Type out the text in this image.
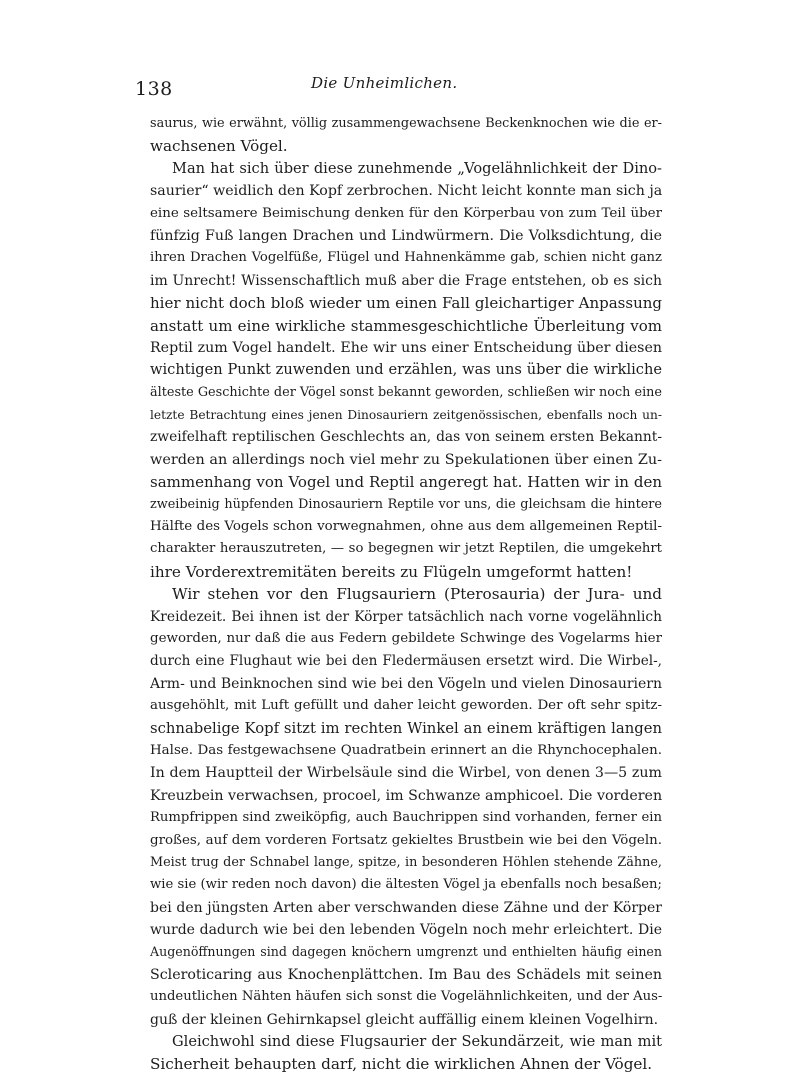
138	Die Unheimlichen.
saurus, wie erwähnt, völlig zusammengewachsene Beckenknochen wie die er-
wachsenen Vögel.
Man hat sich über diese zunehmende „Vogelähnlichkeit der Dino-
saurier“ weidlich den Kopf zerbrochen. Nicht leicht konnte man sich ja
eine seltsamere Beimischung denken für den Körperbau von zum Teil über
fünfzig Fuß langen Drachen und Lindwürmern. Die Volksdichtung, die
ihren Drachen Vogelfüße, Flügel und Hahnenkämme gab, schien nicht ganz
im Unrecht! Wissenschaftlich muß aber die Frage entstehen, ob es sich
hier nicht doch bloß wieder um einen Fall gleichartiger Anpassung
anstatt um eine wirkliche stammesgeschichtliche Überleitung vom
Reptil zum Vogel handelt. Ehe wir uns einer Entscheidung über diesen
wichtigen Punkt zuwenden und erzählen, was uns über die wirkliche
älteste Geschichte der Vögel sonst bekannt geworden, schließen wir noch eine
letzte Betrachtung eines jenen Dinosauriern zeitgenössischen, ebenfalls noch un-
zweifelhaft reptilischen Geschlechts an, das von seinem ersten Bekannt-
werden an allerdings noch viel mehr zu Spekulationen über einen Zu-
sammenhang von Vogel und Reptil angeregt hat. Hatten wir in den
zweibeinig hüpfenden Dinosauriern Reptile vor uns, die gleichsam die hintere
Hälfte des Vogels schon vorwegnahmen, ohne aus dem allgemeinen Reptil-
charakter herauszutreten, — so begegnen wir jetzt Reptilen, die umgekehrt
ihre Vorderextremitäten bereits zu Flügeln umgeformt hatten!
Wir stehen vor den Flugsauriern (Pterosauria) der Jura- und
Kreidezeit. Bei ihnen ist der Körper tatsächlich nach vorne vogelähnlich
geworden, nur daß die aus Federn gebildete Schwinge des Vogelarms hier
durch eine Flughaut wie bei den Fledermäusen ersetzt wird. Die Wirbel-,
Arm- und Beinknochen sind wie bei den Vögeln und vielen Dinosauriern
ausgehöhlt, mit Luft gefüllt und daher leicht geworden. Der oft sehr spitz-
schnabelige Kopf sitzt im rechten Winkel an einem kräftigen langen
Halse. Das festgewachsene Quadratbein erinnert an die Rhynchocephalen.
In dem Hauptteil der Wirbelsäule sind die Wirbel, von denen 3—5 zum
Kreuzbein verwachsen, procoel, im Schwanze amphicoel. Die vorderen
Rumpfrippen sind zweiköpfig, auch Bauchrippen sind vorhanden, ferner ein
großes, auf dem vorderen Fortsatz gekieltes Brustbein wie bei den Vögeln.
Meist trug der Schnabel lange, spitze, in besonderen Höhlen stehende Zähne,
wie sie (wir reden noch davon) die ältesten Vögel ja ebenfalls noch besaßen;
bei den jüngsten Arten aber verschwanden diese Zähne und der Körper
wurde dadurch wie bei den lebenden Vögeln noch mehr erleichtert. Die
Augenöffnungen sind dagegen knöchern umgrenzt und enthielten häufig einen
Scleroticaring aus Knochenplättchen. Im Bau des Schädels mit seinen
undeutlichen Nähten häufen sich sonst die Vogelähnlichkeiten, und der Aus-
guß der kleinen Gehirnkapsel gleicht auffällig einem kleinen Vogelhirn.
Gleichwohl sind diese Flugsaurier der Sekundärzeit, wie man mit
Sicherheit behaupten darf, nicht die wirklichen Ahnen der Vögel.
